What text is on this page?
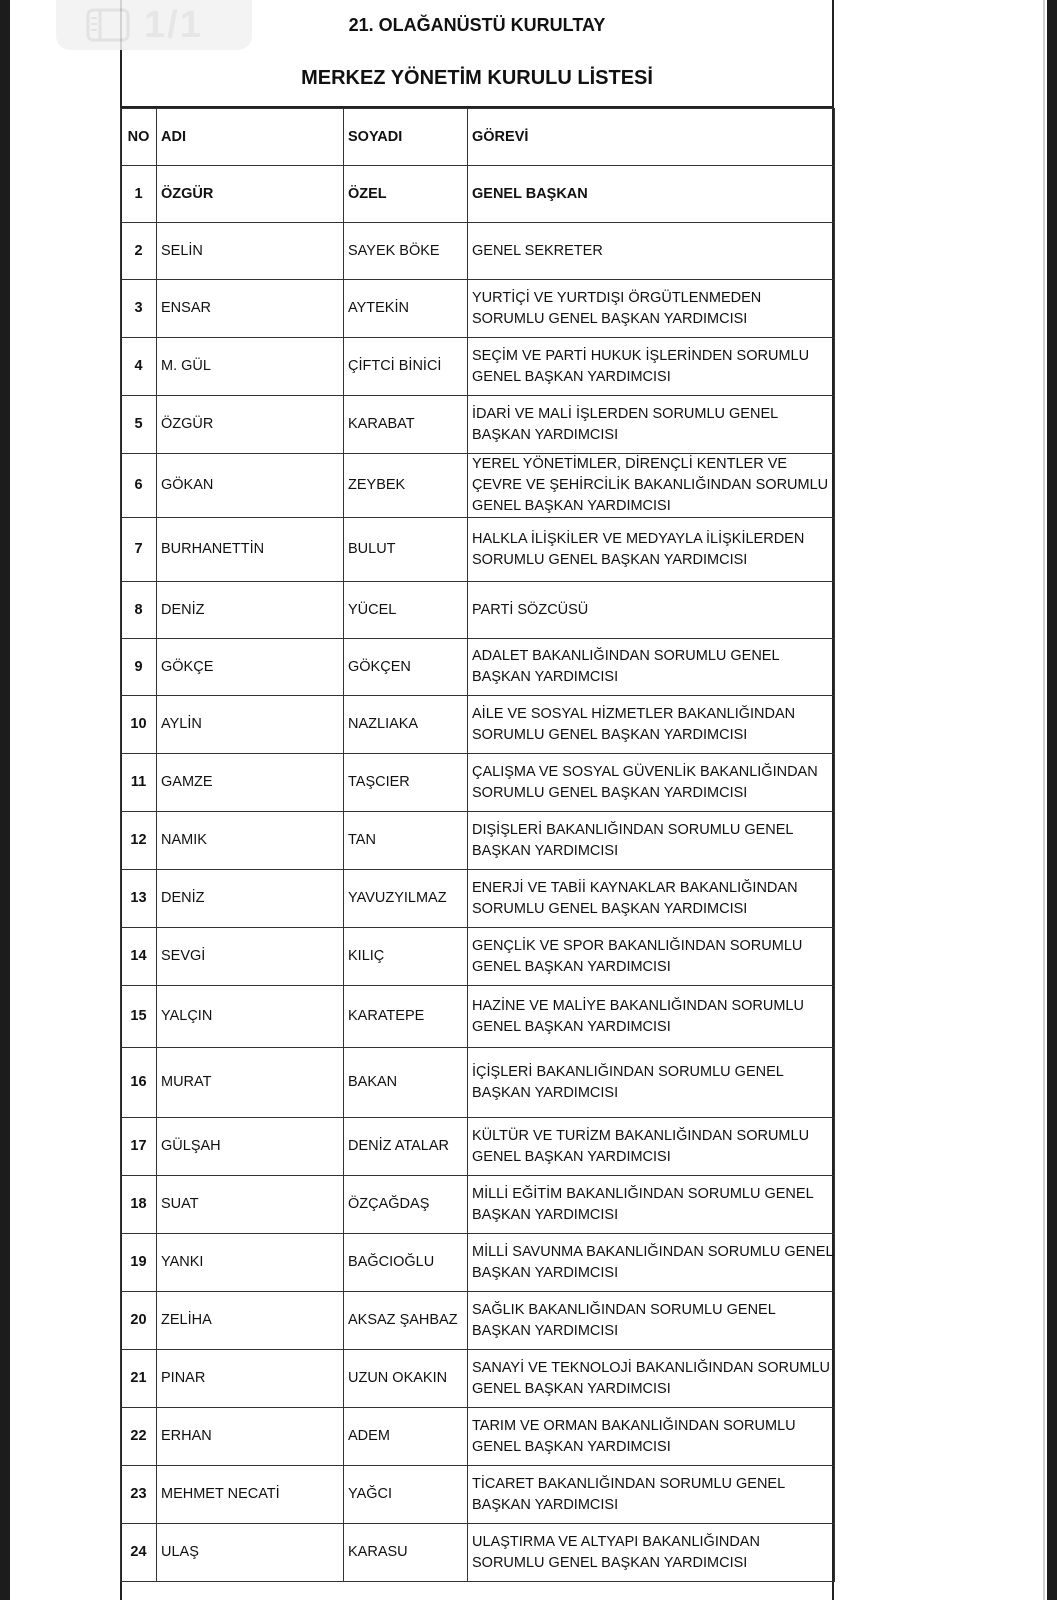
21. OLAĞANÜSTÜ KURULTAY
MERKEZ YÖNETİM KURULU LİSTESİ
1/1
NO	ADI	SOYADI	GÖREVİ
1	ÖZGÜR	ÖZEL	GENEL BAŞKAN
2	SELİN	SAYEK BÖKE	GENEL SEKRETER
3	ENSAR	AYTEKİN	YURTİÇİ VE YURTDIŞI ÖRGÜTLENMEDEN SORUMLU GENEL BAŞKAN YARDIMCISI
4	M. GÜL	ÇİFTCİ BİNİCİ	SEÇİM VE PARTİ HUKUK İŞLERİNDEN SORUMLU GENEL BAŞKAN YARDIMCISI
5	ÖZGÜR	KARABAT	İDARİ VE MALİ İŞLERDEN SORUMLU GENEL BAŞKAN YARDIMCISI
6	GÖKAN	ZEYBEK	YEREL YÖNETİMLER, DİRENÇLİ KENTLER VE ÇEVRE VE ŞEHİRCİLİK BAKANLIĞINDAN SORUMLU GENEL BAŞKAN YARDIMCISI
7	BURHANETTİN	BULUT	HALKLA İLİŞKİLER VE MEDYAYLA İLİŞKİLERDEN SORUMLU GENEL BAŞKAN YARDIMCISI
8	DENİZ	YÜCEL	PARTİ SÖZCÜSÜ
9	GÖKÇE	GÖKÇEN	ADALET BAKANLIĞINDAN SORUMLU GENEL BAŞKAN YARDIMCISI
10	AYLİN	NAZLIAKA	AİLE VE SOSYAL HİZMETLER BAKANLIĞINDAN SORUMLU GENEL BAŞKAN YARDIMCISI
11	GAMZE	TAŞCIER	ÇALIŞMA VE SOSYAL GÜVENLİK BAKANLIĞINDAN SORUMLU GENEL BAŞKAN YARDIMCISI
12	NAMIK	TAN	DIŞİŞLERİ BAKANLIĞINDAN SORUMLU GENEL BAŞKAN YARDIMCISI
13	DENİZ	YAVUZYILMAZ	ENERJİ VE TABİİ KAYNAKLAR BAKANLIĞINDAN SORUMLU GENEL BAŞKAN YARDIMCISI
14	SEVGİ	KILIÇ	GENÇLİK VE SPOR BAKANLIĞINDAN SORUMLU GENEL BAŞKAN YARDIMCISI
15	YALÇIN	KARATEPE	HAZİNE VE MALİYE BAKANLIĞINDAN SORUMLU GENEL BAŞKAN YARDIMCISI
16	MURAT	BAKAN	İÇİŞLERİ BAKANLIĞINDAN SORUMLU GENEL BAŞKAN YARDIMCISI
17	GÜLŞAH	DENİZ ATALAR	KÜLTÜR VE TURİZM BAKANLIĞINDAN SORUMLU GENEL BAŞKAN YARDIMCISI
18	SUAT	ÖZÇAĞDAŞ	MİLLİ EĞİTİM BAKANLIĞINDAN SORUMLU GENEL BAŞKAN YARDIMCISI
19	YANKI	BAĞCIOĞLU	MİLLİ SAVUNMA BAKANLIĞINDAN SORUMLU GENEL BAŞKAN YARDIMCISI
20	ZELİHA	AKSAZ ŞAHBAZ	SAĞLIK BAKANLIĞINDAN SORUMLU GENEL BAŞKAN YARDIMCISI
21	PINAR	UZUN OKAKIN	SANAYİ VE TEKNOLOJİ BAKANLIĞINDAN SORUMLU GENEL BAŞKAN YARDIMCISI
22	ERHAN	ADEM	TARIM VE ORMAN BAKANLIĞINDAN SORUMLU GENEL BAŞKAN YARDIMCISI
23	MEHMET NECATİ	YAĞCI	TİCARET BAKANLIĞINDAN SORUMLU GENEL BAŞKAN YARDIMCISI
24	ULAŞ	KARASU	ULAŞTIRMA VE ALTYAPI BAKANLIĞINDAN SORUMLU GENEL BAŞKAN YARDIMCISI
